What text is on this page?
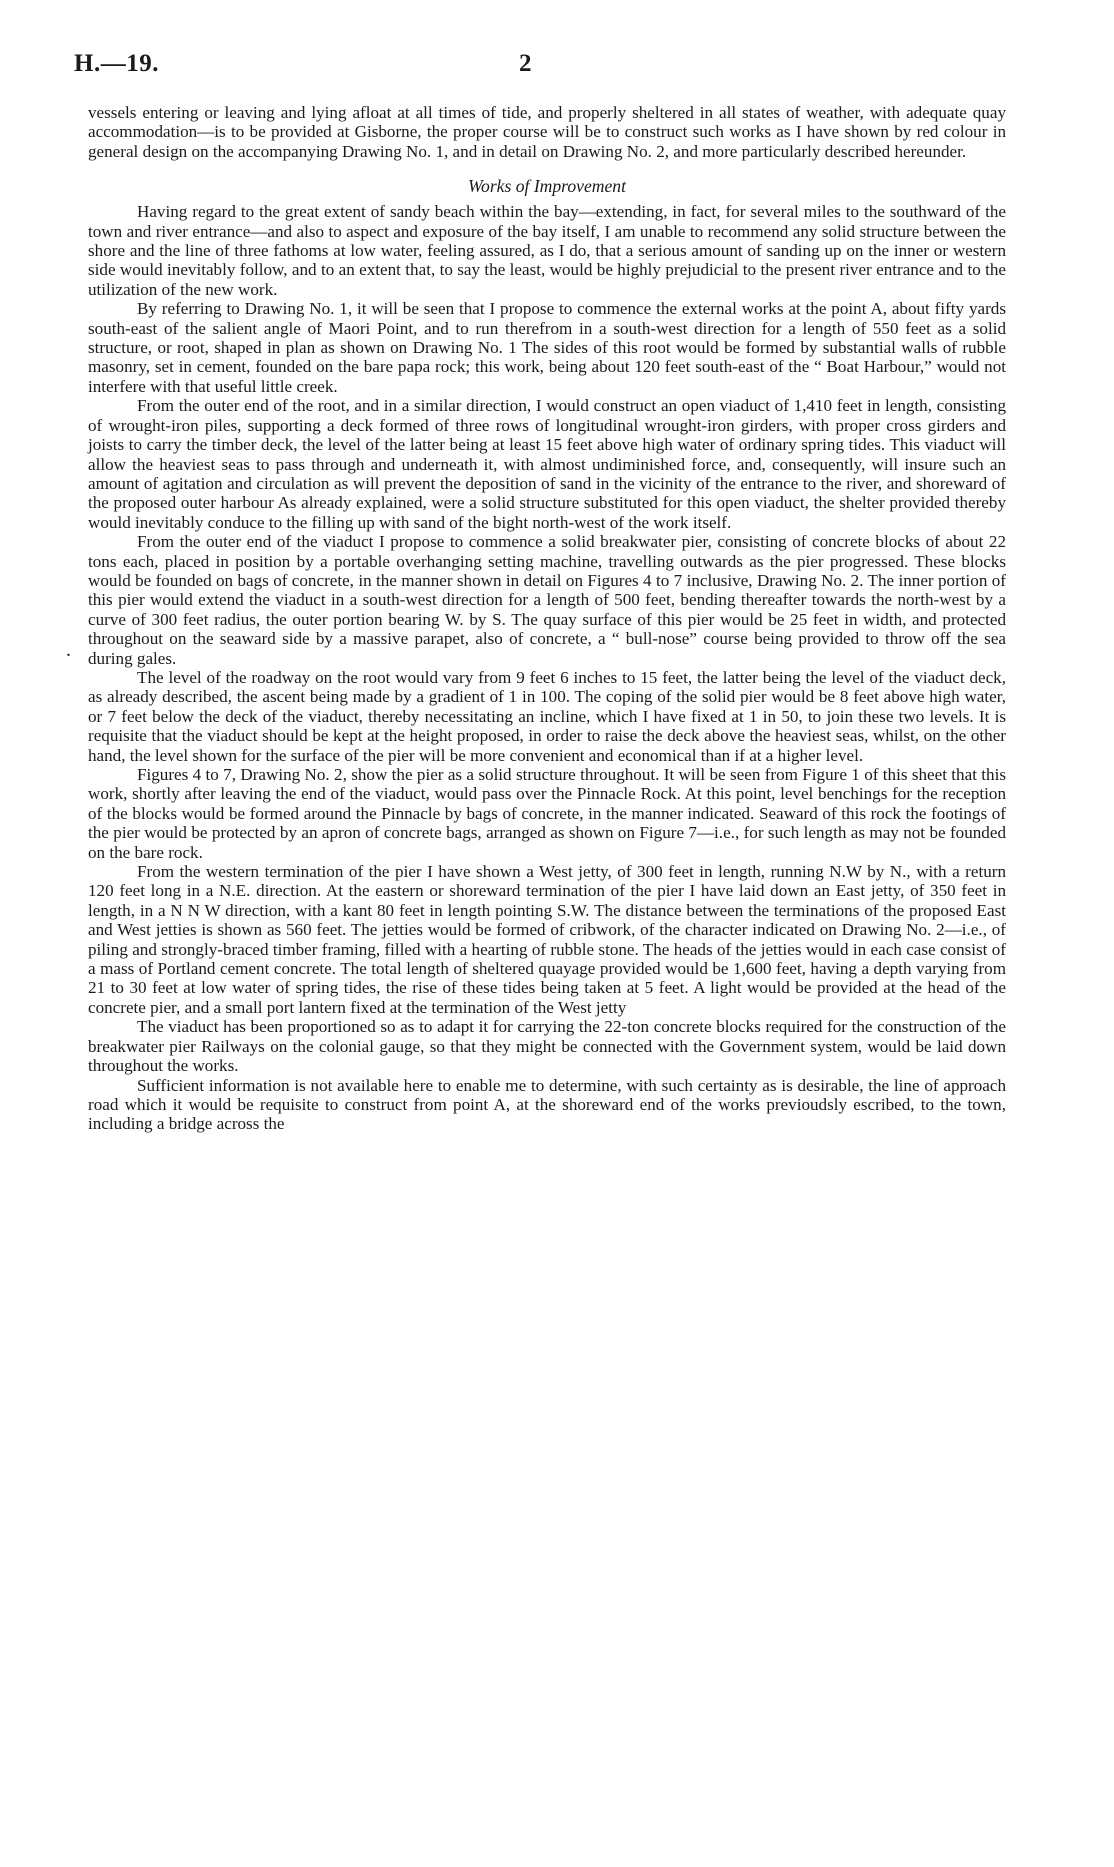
H.—19.	2
.

vessels entering or leaving and lying afloat at all times of tide, and properly sheltered in all states of weather, with adequate quay accommodation—is to be provided at Gisborne, the proper course will be to construct such works as I have shown by red colour in general design on the accompanying Drawing No. 1, and in detail on Drawing No. 2, and more particularly described hereunder.

Works of Improvement

Having regard to the great extent of sandy beach within the bay—extending, in fact, for several miles to the southward of the town and river entrance—and also to aspect and exposure of the bay itself, I am unable to recommend any solid structure between the shore and the line of three fathoms at low water, feeling assured, as I do, that a serious amount of sanding up on the inner or western side would inevitably follow, and to an extent that, to say the least, would be highly prejudicial to the present river entrance and to the utilization of the new work.

By referring to Drawing No. 1, it will be seen that I propose to commence the external works at the point A, about fifty yards south-east of the salient angle of Maori Point, and to run therefrom in a south-west direction for a length of 550 feet as a solid structure, or root, shaped in plan as shown on Drawing No. 1 The sides of this root would be formed by substantial walls of rubble masonry, set in cement, founded on the bare papa rock; this work, being about 120 feet south-east of the “ Boat Harbour,” would not interfere with that useful little creek.

From the outer end of the root, and in a similar direction, I would construct an open viaduct of 1,410 feet in length, consisting of wrought-iron piles, supporting a deck formed of three rows of longitudinal wrought-iron girders, with proper cross girders and joists to carry the timber deck, the level of the latter being at least 15 feet above high water of ordinary spring tides. This viaduct will allow the heaviest seas to pass through and underneath it, with almost undiminished force, and, consequently, will insure such an amount of agitation and circulation as will prevent the deposition of sand in the vicinity of the entrance to the river, and shoreward of the proposed outer harbour As already explained, were a solid structure substituted for this open viaduct, the shelter provided thereby would inevitably conduce to the filling up with sand of the bight north-west of the work itself.

From the outer end of the viaduct I propose to commence a solid breakwater pier, consisting of concrete blocks of about 22 tons each, placed in position by a portable overhanging setting machine, travelling outwards as the pier progressed. These blocks would be founded on bags of concrete, in the manner shown in detail on Figures 4 to 7 inclusive, Drawing No. 2. The inner portion of this pier would extend the viaduct in a south-west direction for a length of 500 feet, bending thereafter towards the north-west by a curve of 300 feet radius, the outer portion bearing W. by S. The quay surface of this pier would be 25 feet in width, and protected throughout on the seaward side by a massive parapet, also of concrete, a “ bull-nose” course being provided to throw off the sea during gales.

The level of the roadway on the root would vary from 9 feet 6 inches to 15 feet, the latter being the level of the viaduct deck, as already described, the ascent being made by a gradient of 1 in 100. The coping of the solid pier would be 8 feet above high water, or 7 feet below the deck of the viaduct, thereby necessitating an incline, which I have fixed at 1 in 50, to join these two levels. It is requisite that the viaduct should be kept at the height proposed, in order to raise the deck above the heaviest seas, whilst, on the other hand, the level shown for the surface of the pier will be more convenient and economical than if at a higher level.

Figures 4 to 7, Drawing No. 2, show the pier as a solid structure throughout. It will be seen from Figure 1 of this sheet that this work, shortly after leaving the end of the viaduct, would pass over the Pinnacle Rock. At this point, level benchings for the reception of the blocks would be formed around the Pinnacle by bags of concrete, in the manner indicated. Seaward of this rock the footings of the pier would be protected by an apron of concrete bags, arranged as shown on Figure 7—i.e., for such length as may not be founded on the bare rock.

From the western termination of the pier I have shown a West jetty, of 300 feet in length, running N.W by N., with a return 120 feet long in a N.E. direction. At the eastern or shoreward termination of the pier I have laid down an East jetty, of 350 feet in length, in a N N W direction, with a kant 80 feet in length pointing S.W. The distance between the terminations of the proposed East and West jetties is shown as 560 feet. The jetties would be formed of cribwork, of the character indicated on Drawing No. 2—i.e., of piling and strongly-braced timber framing, filled with a hearting of rubble stone. The heads of the jetties would in each case consist of a mass of Portland cement concrete. The total length of sheltered quayage provided would be 1,600 feet, having a depth varying from 21 to 30 feet at low water of spring tides, the rise of these tides being taken at 5 feet. A light would be provided at the head of the concrete pier, and a small port lantern fixed at the termination of the West jetty

The viaduct has been proportioned so as to adapt it for carrying the 22-ton concrete blocks required for the construction of the breakwater pier Railways on the colonial gauge, so that they might be connected with the Government system, would be laid down throughout the works.

Sufficient information is not available here to enable me to determine, with such certainty as is desirable, the line of approach road which it would be requisite to construct from point A, at the shoreward end of the works previoudsly escribed, to the town, including a bridge across the
